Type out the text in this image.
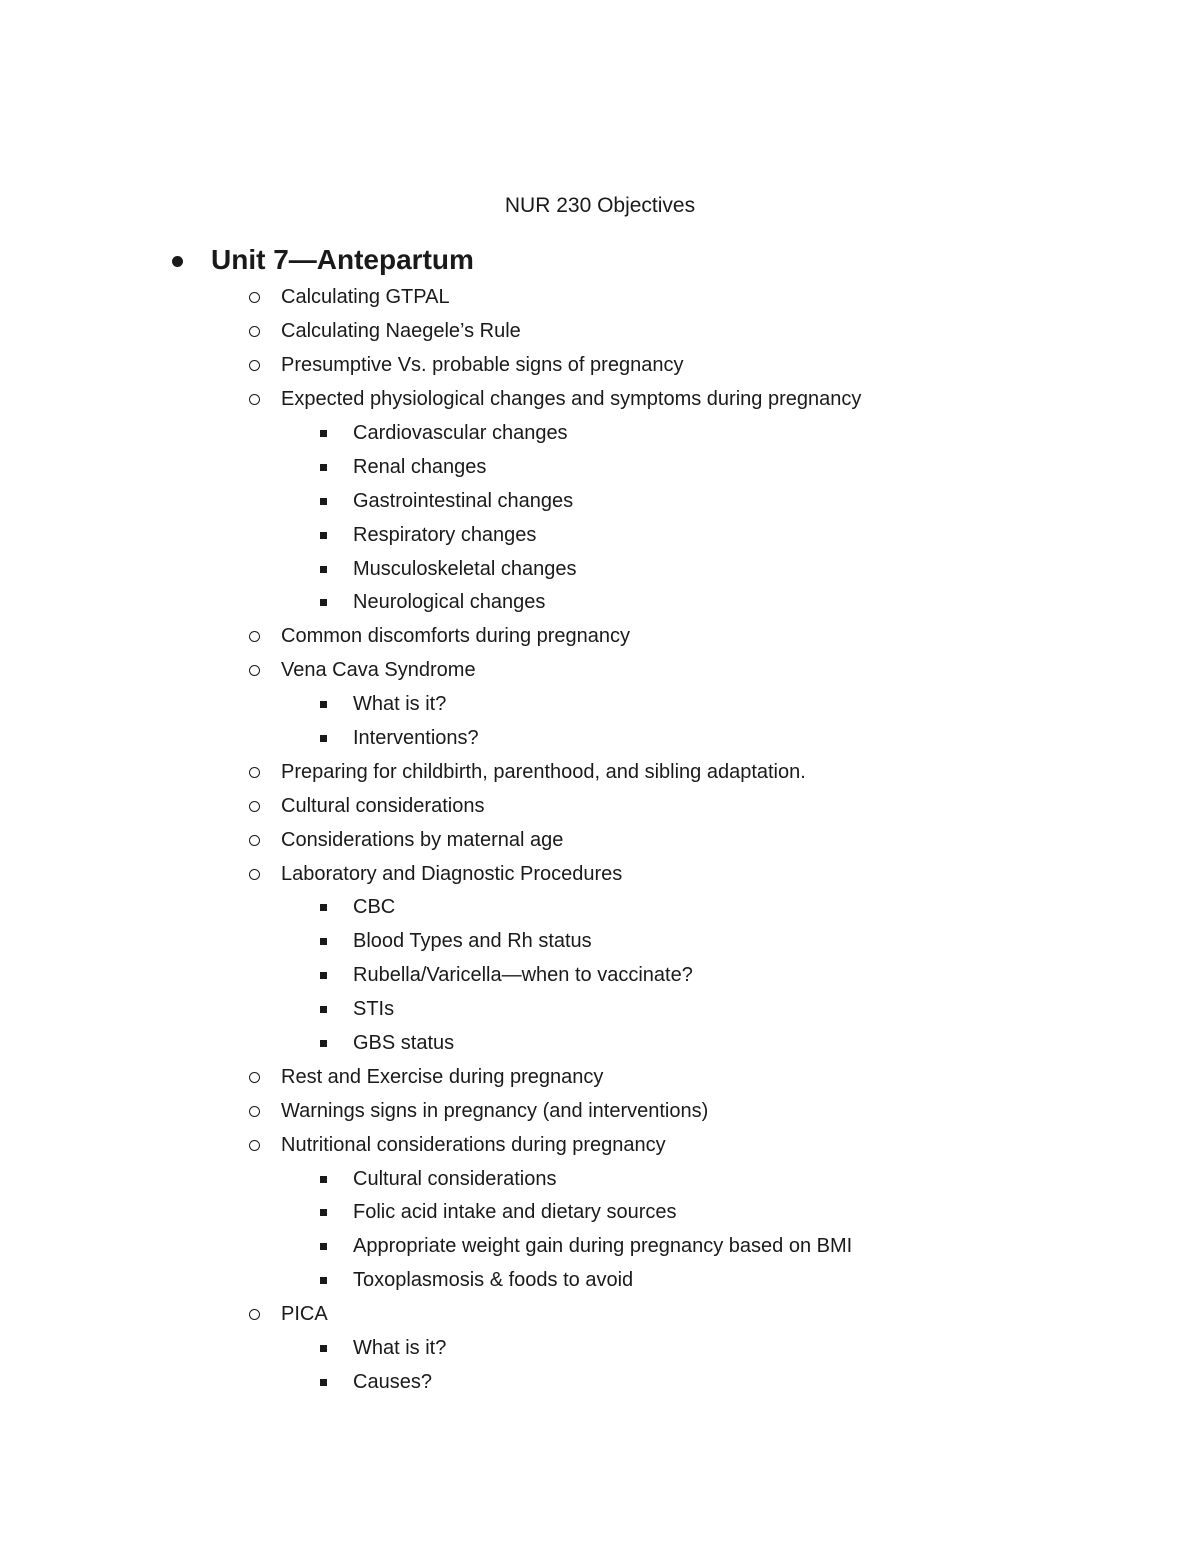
NUR 230 Objectives
Unit 7—Antepartum
Calculating GTPAL
Calculating Naegele’s Rule
Presumptive Vs. probable signs of pregnancy
Expected physiological changes and symptoms during pregnancy
Cardiovascular changes
Renal changes
Gastrointestinal changes
Respiratory changes
Musculoskeletal changes
Neurological changes
Common discomforts during pregnancy
Vena Cava Syndrome
What is it?
Interventions?
Preparing for childbirth, parenthood, and sibling adaptation.
Cultural considerations
Considerations by maternal age
Laboratory and Diagnostic Procedures
CBC
Blood Types and Rh status
Rubella/Varicella—when to vaccinate?
STIs
GBS status
Rest and Exercise during pregnancy
Warnings signs in pregnancy (and interventions)
Nutritional considerations during pregnancy
Cultural considerations
Folic acid intake and dietary sources
Appropriate weight gain during pregnancy based on BMI
Toxoplasmosis & foods to avoid
PICA
What is it?
Causes?
